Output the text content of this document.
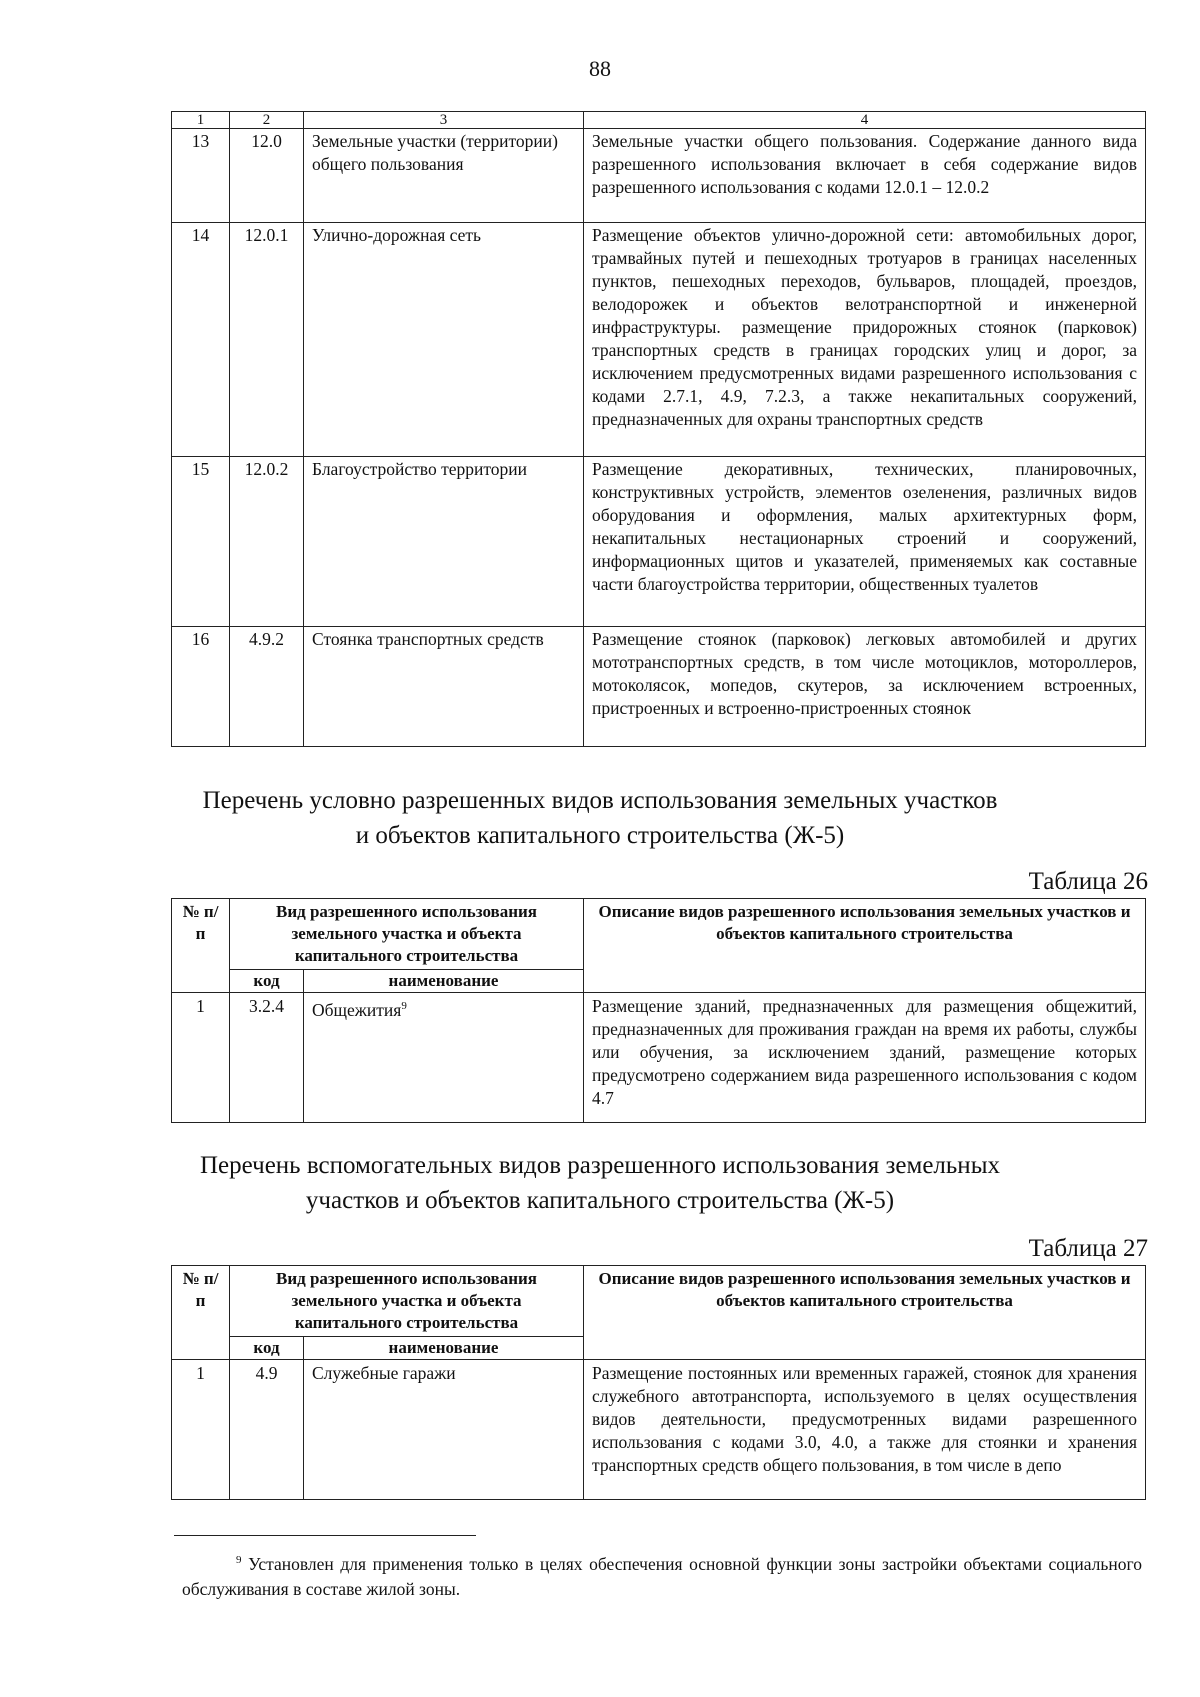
88
1	2	3	4
13	12.0	Земельные участки (территории) общего пользования	Земельные участки общего пользования. Содержание данного вида разрешенного использования включает в себя содержание видов разрешенного использования с кодами 12.0.1 – 12.0.2
14	12.0.1	Улично-дорожная сеть	Размещение объектов улично-дорожной сети: автомобильных дорог, трамвайных путей и пешеходных тротуаров в границах населенных пунктов, пешеходных переходов, бульваров, площадей, проездов, велодорожек и объектов велотранспортной и инженерной инфраструктуры. размещение придорожных стоянок (парковок) транспортных средств в границах городских улиц и дорог, за исключением предусмотренных видами разрешенного использования с кодами 2.7.1, 4.9, 7.2.3, а также некапитальных сооружений, предназначенных для охраны транспортных средств
15	12.0.2	Благоустройство территории	Размещение декоративных, технических, планировочных, конструктивных устройств, элементов озеленения, различных видов оборудования и оформления, малых архитектурных форм, некапитальных нестационарных строений и сооружений, информационных щитов и указателей, применяемых как составные части благоустройства территории, общественных туалетов
16	4.9.2	Стоянка транспортных средств	Размещение стоянок (парковок) легковых автомобилей и других мототранспортных средств, в том числе мотоциклов, мотороллеров, мотоколясок, мопедов, скутеров, за исключением встроенных, пристроенных и встроенно-пристроенных стоянок
Перечень условно разрешенных видов использования земельных участков
и объектов капитального строительства (Ж-5)
Таблица 26
№ п/п	Вид разрешенного использования земельного участка и объекта капитального строительства		Описание видов разрешенного использования земельных участков и объектов капитального строительства
	код	наименование	
1	3.2.4	Общежития$^9$	Размещение зданий, предназначенных для размещения общежитий, предназначенных для проживания граждан на время их работы, службы или обучения, за исключением зданий, размещение которых предусмотрено содержанием вида разрешенного использования с кодом 4.7
Перечень вспомогательных видов разрешенного использования земельных
участков и объектов капитального строительства (Ж-5)
Таблица 27
№ п/п	Вид разрешенного использования земельного участка и объекта капитального строительства		Описание видов разрешенного использования земельных участков и объектов капитального строительства
	код	наименование	
1	4.9	Служебные гаражи	Размещение постоянных или временных гаражей, стоянок для хранения служебного автотранспорта, используемого в целях осуществления видов деятельности, предусмотренных видами разрешенного использования с кодами 3.0, 4.0, а также для стоянки и хранения транспортных средств общего пользования, в том числе в депо
$^9$ Установлен для применения только в целях обеспечения основной функции зоны застройки объектами социального обслуживания в составе жилой зоны.
